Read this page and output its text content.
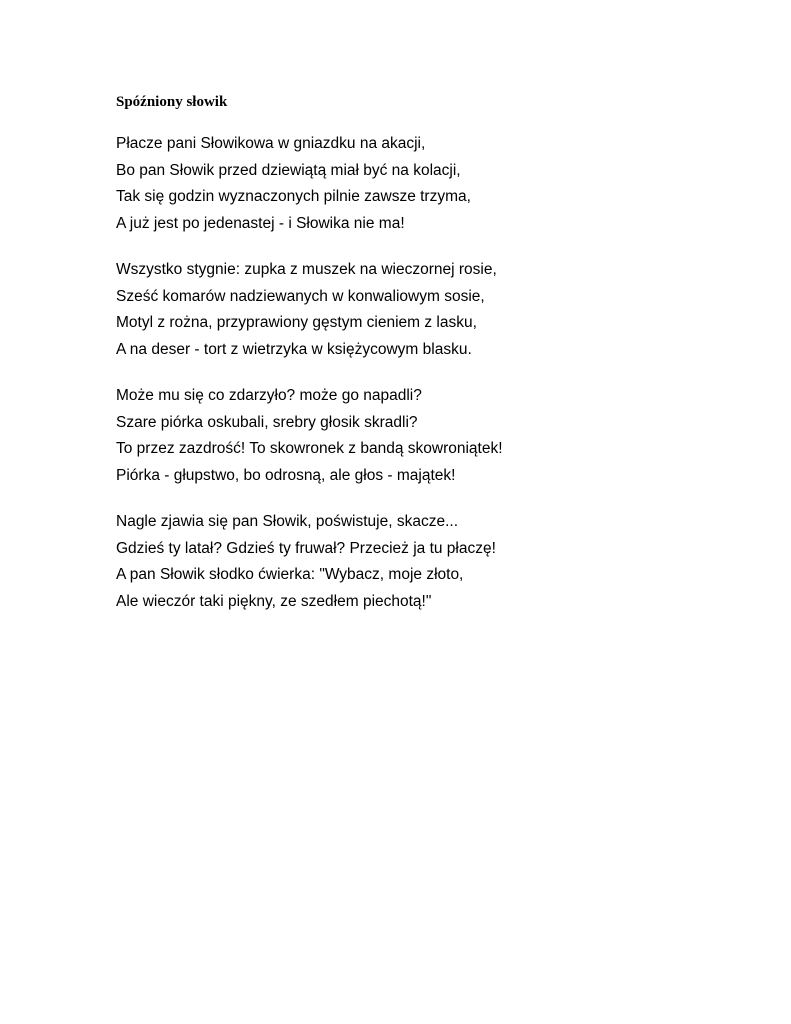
Spóźniony słowik
Płacze pani Słowikowa w gniazdku na akacji,
Bo pan Słowik przed dziewiątą miał być na kolacji,
Tak się godzin wyznaczonych pilnie zawsze trzyma,
A już jest po jedenastej - i Słowika nie ma!
Wszystko stygnie: zupka z muszek na wieczornej rosie,
Sześć komarów nadziewanych w konwaliowym sosie,
Motyl z rożna, przyprawiony gęstym cieniem z lasku,
A na deser - tort z wietrzyka w księżycowym blasku.
Może mu się co zdarzyło? może go napadli?
Szare piórka oskubali, srebry głosik skradli?
To przez zazdrość! To skowronek z bandą skowroniątek!
Piórka - głupstwo, bo odrosną, ale głos - majątek!
Nagle zjawia się pan Słowik, poświstuje, skacze...
Gdzieś ty latał? Gdzieś ty fruwał? Przecież ja tu płaczę!
A pan Słowik słodko ćwierka: "Wybacz, moje złoto,
Ale wieczór taki piękny, ze szedłem piechotą!"
